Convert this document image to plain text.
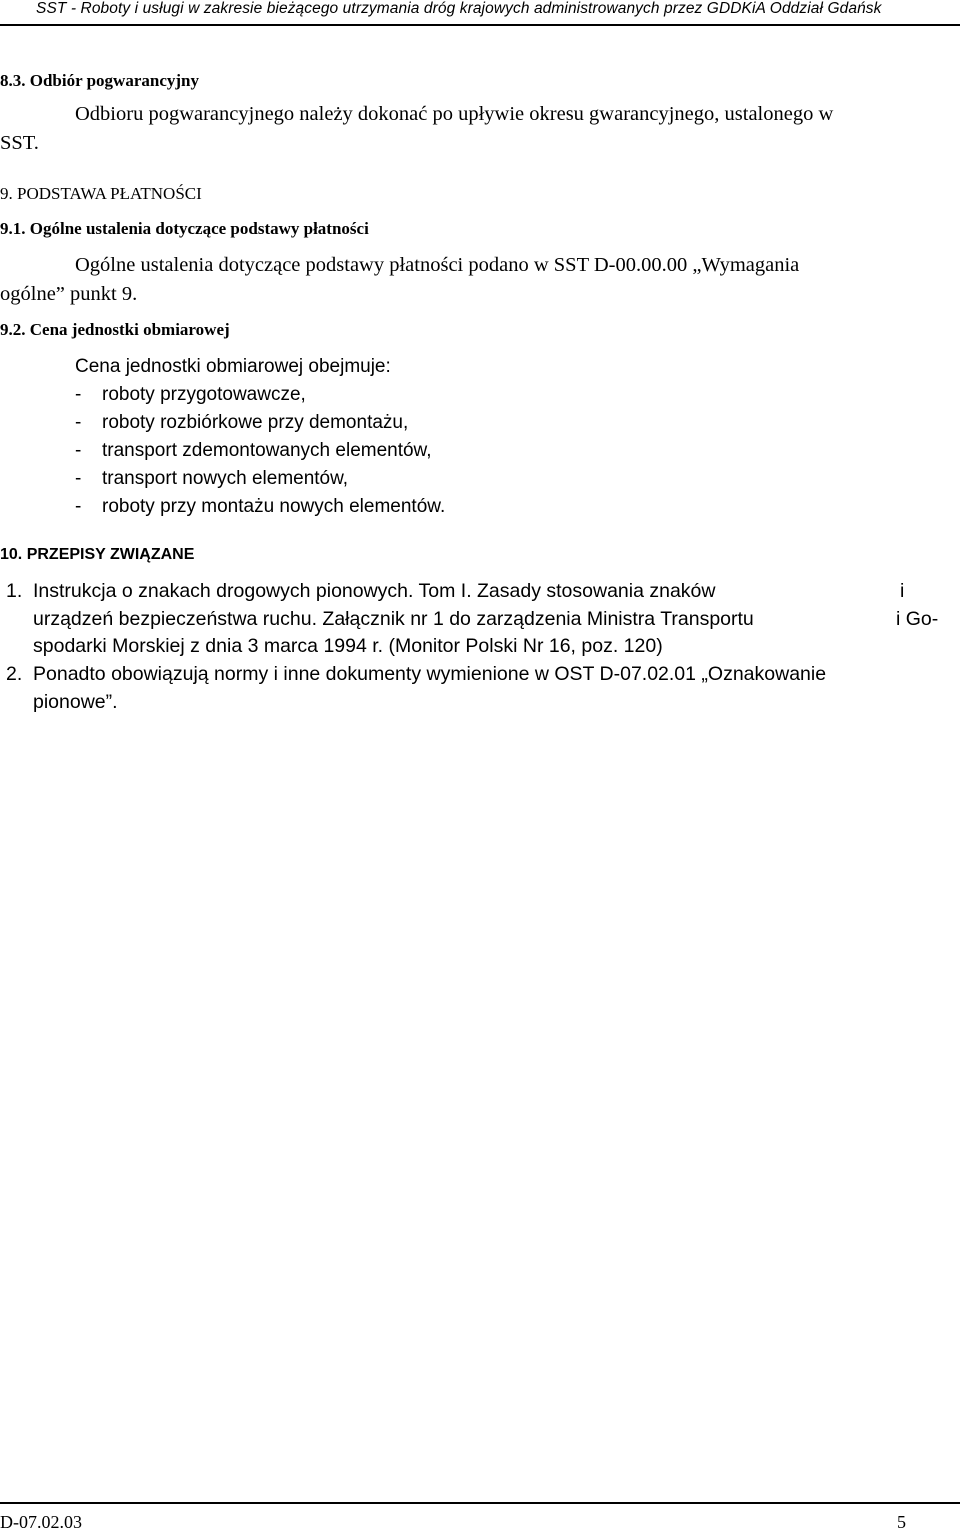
SST - Roboty i usługi w zakresie bieżącego utrzymania dróg krajowych administrowanych przez GDDKiA Oddział Gdańsk
8.3. Odbiór pogwarancyjny
Odbioru pogwarancyjnego należy dokonać po upływie okresu gwarancyjnego, ustalonego w
SST.
9. PODSTAWA PŁATNOŚCI
9.1. Ogólne ustalenia dotyczące podstawy płatności
Ogólne ustalenia dotyczące podstawy płatności podano w SST D-00.00.00 „Wymagania
ogólne” punkt 9.
9.2. Cena jednostki obmiarowej
Cena jednostki obmiarowej obejmuje:
- roboty przygotowawcze,
- roboty rozbiórkowe przy demontażu,
- transport zdemontowanych elementów,
- transport nowych elementów,
- roboty przy montażu nowych elementów.
10. PRZEPISY ZWIĄZANE
1. Instrukcja o znakach drogowych pionowych. Tom I. Zasady stosowania znaków	i
urządzeń bezpieczeństwa ruchu. Załącznik nr 1 do zarządzenia Ministra Transportu	i Go-
spodarki Morskiej z dnia 3 marca 1994 r. (Monitor Polski Nr 16, poz. 120)
2. Ponadto obowiązują normy i inne dokumenty wymienione w OST D-07.02.01 „Oznakowanie
pionowe”.
D-07.02.03	5
